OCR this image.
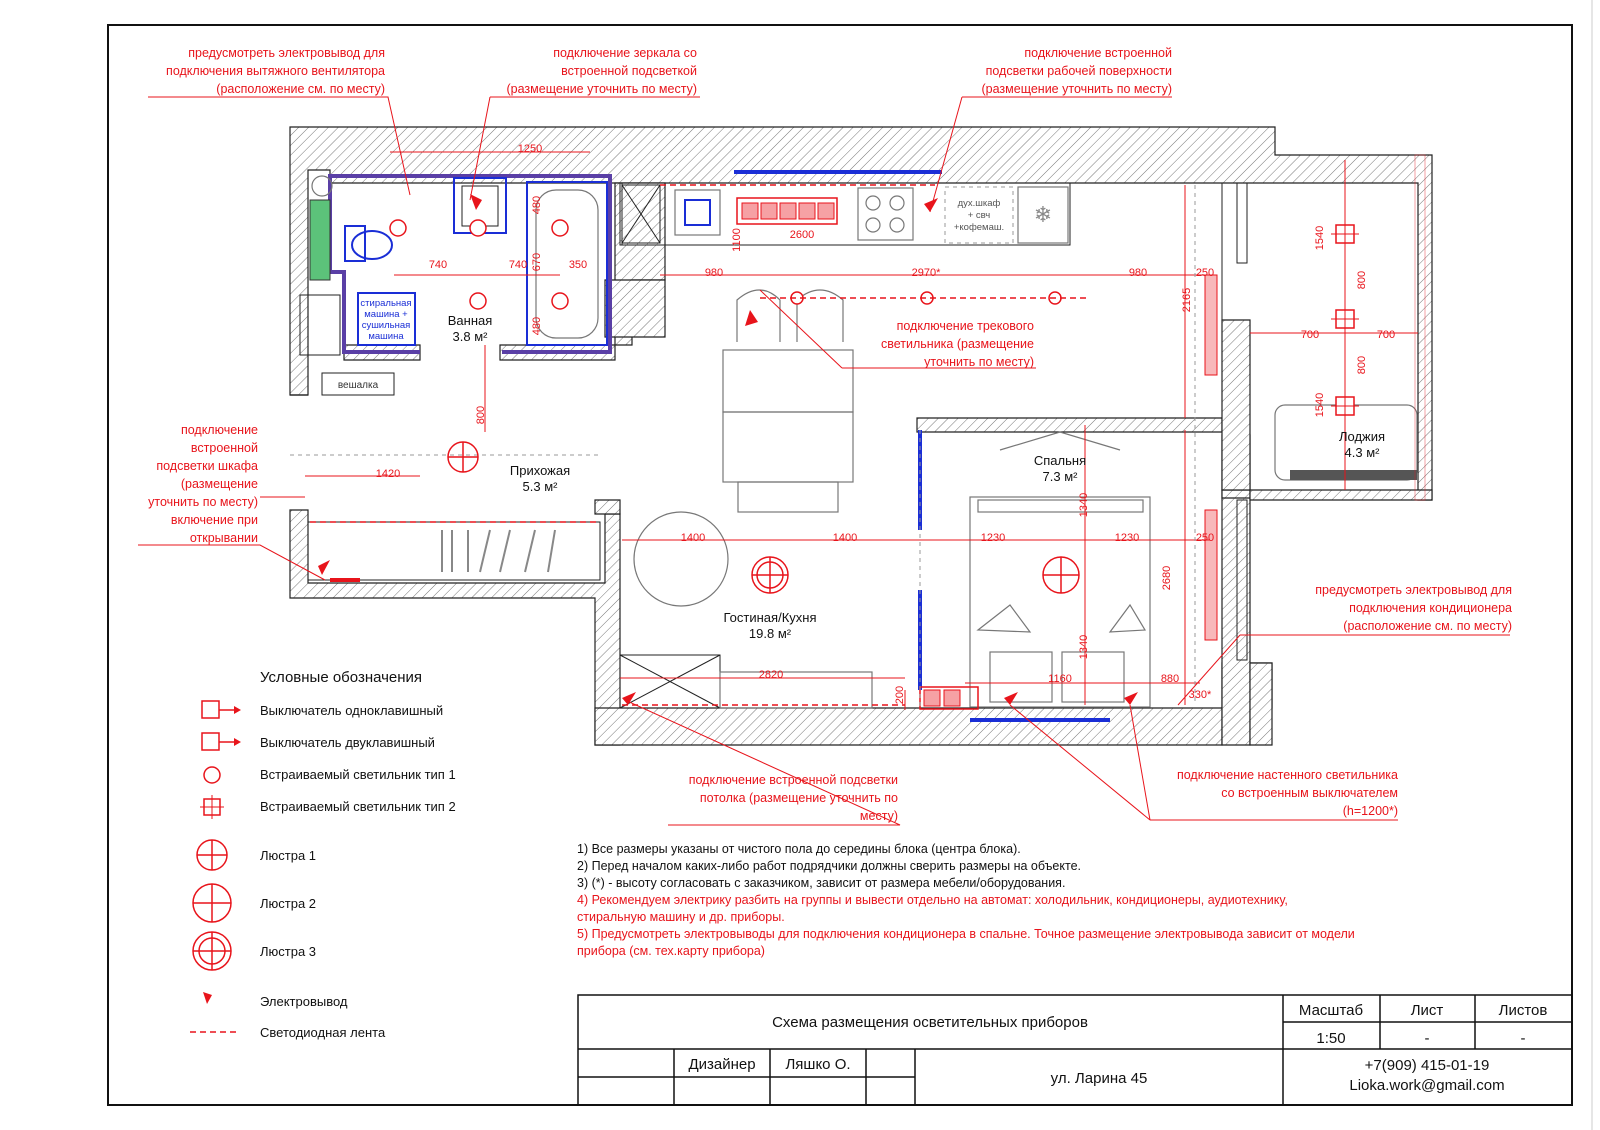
❄
предусмотреть электровывод для
подключения вытяжного вентилятора
(расположение см. по месту)
подключение зеркала со
встроенной подсветкой
(размещение уточнить по месту)
подключение встроенной
подсветки рабочей поверхности
(размещение уточнить по месту)
подключение трекового
светильника (размещение
уточнить по месту)
подключение
встроенной
подсветки шкафа
(размещение
уточнить по месту)
включение при
открывании
предусмотреть электровывод для
подключения кондиционера
(расположение см. по месту)
подключение встроенной подсветки
потолка (размещение уточнить по
месту)
подключение настенного светильника
со встроенным выключателем
(h=1200*)
Ванная
3.8 м²
Прихожая
5.3 м²
Гостиная/Кухня
19.8 м²
Спальня
7.3 м²
Лоджия
4.3 м²
стиральная
машина +
сушильная
машина
вешалка
дух.шкаф
+ свч
+кофемаш.
1250
740	740	350
480
670
480
2600
1100
980	2970*	980	250
2165
800
1420
1400	1400	1230	1230	250
1340
1340
2680
2820
200
1160	880
330*
1540
1540
800
800
700	700
Условные обозначения
Выключатель одноклавишный
Выключатель двуклавишный
Встраиваемый светильник тип 1
Встраиваемый светильник тип 2
Люстра 1
Люстра 2
Люстра 3
Электровывод
Светодиодная лента
1) Все размеры указаны от чистого пола до середины блока (центра блока).
2) Перед началом каких-либо работ подрядчики должны сверить размеры на объекте.
3) (*) - высоту согласовать с заказчиком, зависит от размера мебели/оборудования.
4) Рекомендуем электрику разбить на группы и вывести отдельно на автомат: холодильник, кондиционеры, аудиотехнику,
стиральную машину и др. приборы.
5) Предусмотреть электровыводы для подключения кондиционера в спальне. Точное размещение электровывода зависит от модели
прибора (см. тех.карту прибора)
Схема размещения осветительных приборов
Масштаб	Лист	Листов
1:50	-	-
Дизайнер Ляшко О.
ул. Ларина 45
+7(909) 415-01-19
Lioka.work@gmail.com
